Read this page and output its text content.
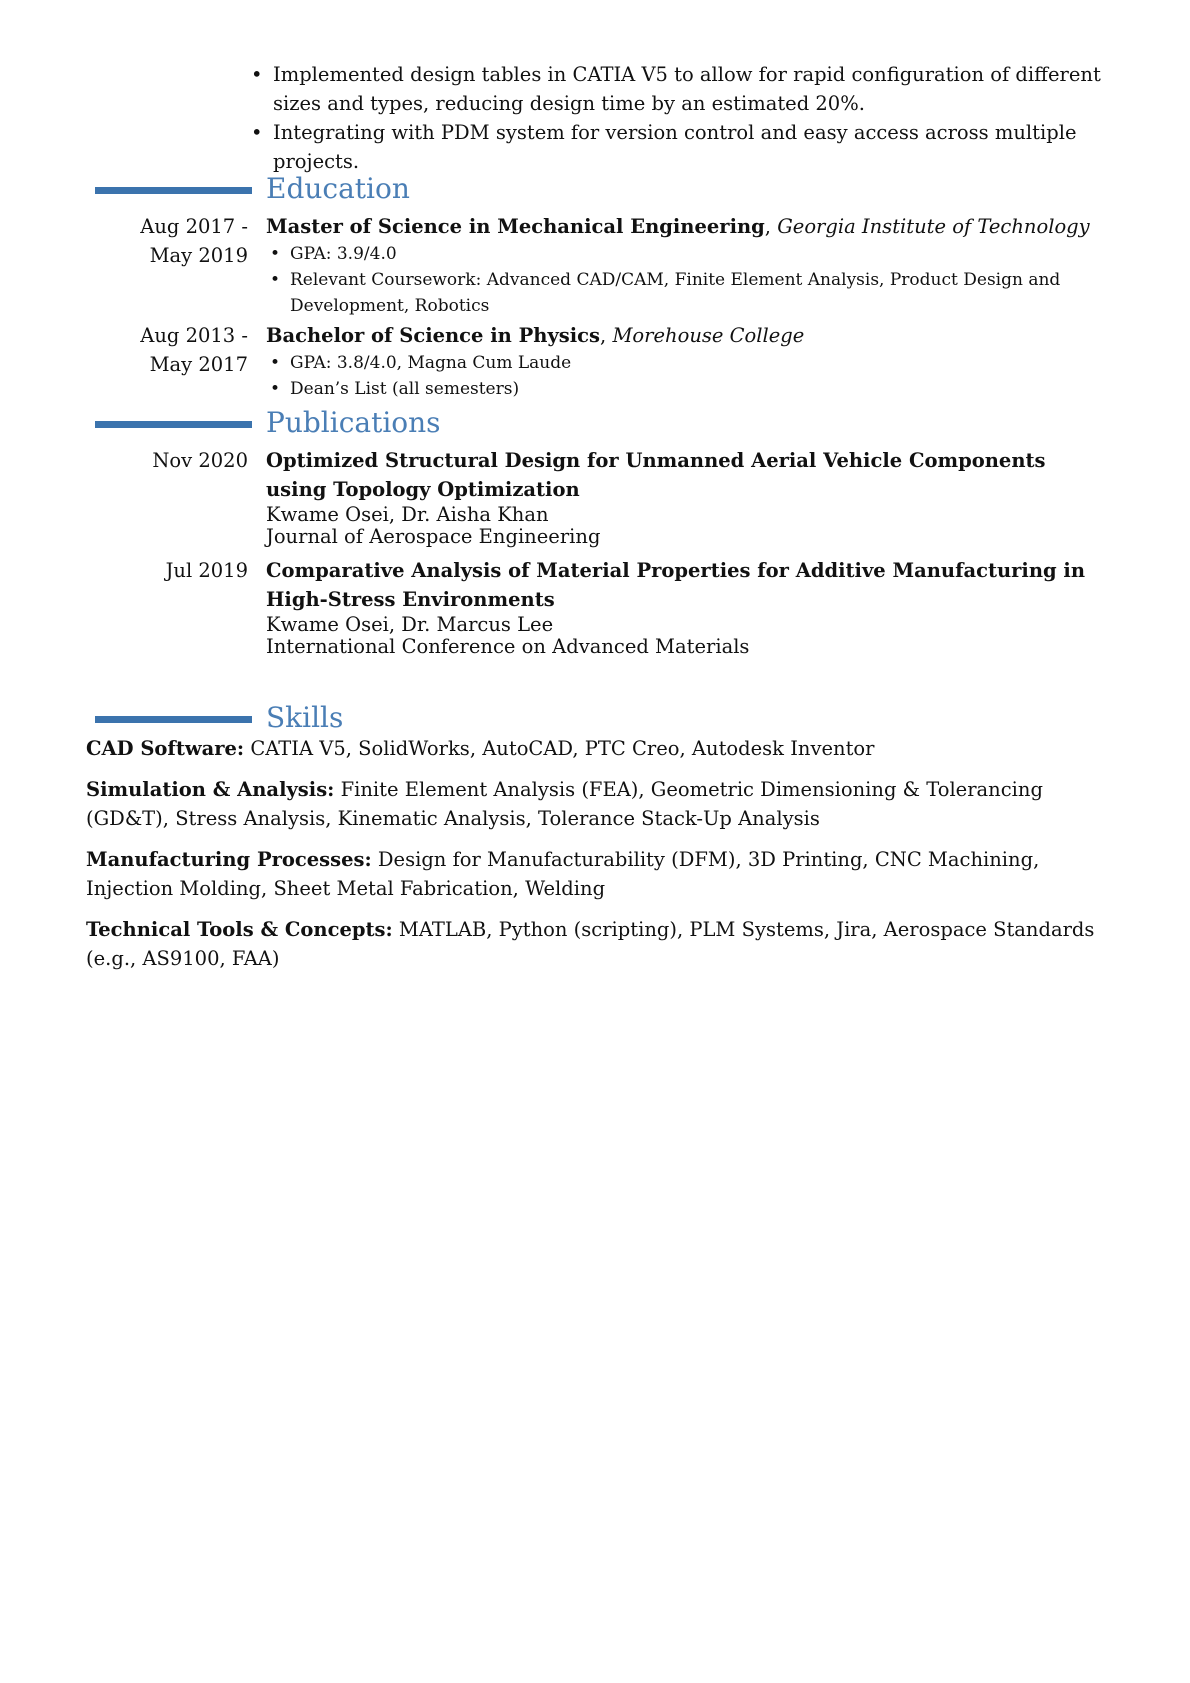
• Implemented design tables in CATIA V5 to allow for rapid configuration of different sizes and types, reducing design time by an estimated 20%.
• Integrating with PDM system for version control and easy access across multiple projects.
Education
Aug 2017 - May 2019
Master of Science in Mechanical Engineering, Georgia Institute of Technology
• GPA: 3.9/4.0
• Relevant Coursework: Advanced CAD/CAM, Finite Element Analysis, Product Design and Development, Robotics
Aug 2013 - May 2017
Bachelor of Science in Physics, Morehouse College
• GPA: 3.8/4.0, Magna Cum Laude
• Dean’s List (all semesters)
Publications
Nov 2020 Optimized Structural Design for Unmanned Aerial Vehicle Components using Topology Optimization
Kwame Osei, Dr. Aisha Khan
Journal of Aerospace Engineering
Jul 2019 Comparative Analysis of Material Properties for Additive Manufacturing in High-Stress Environments
Kwame Osei, Dr. Marcus Lee
International Conference on Advanced Materials
Skills
CAD Software: CATIA V5, SolidWorks, AutoCAD, PTC Creo, Autodesk Inventor
Simulation & Analysis: Finite Element Analysis (FEA), Geometric Dimensioning & Tolerancing (GD&T), Stress Analysis, Kinematic Analysis, Tolerance Stack-Up Analysis
Manufacturing Processes: Design for Manufacturability (DFM), 3D Printing, CNC Machining, Injection Molding, Sheet Metal Fabrication, Welding
Technical Tools & Concepts: MATLAB, Python (scripting), PLM Systems, Jira, Aerospace Standards (e.g., AS9100, FAA)
